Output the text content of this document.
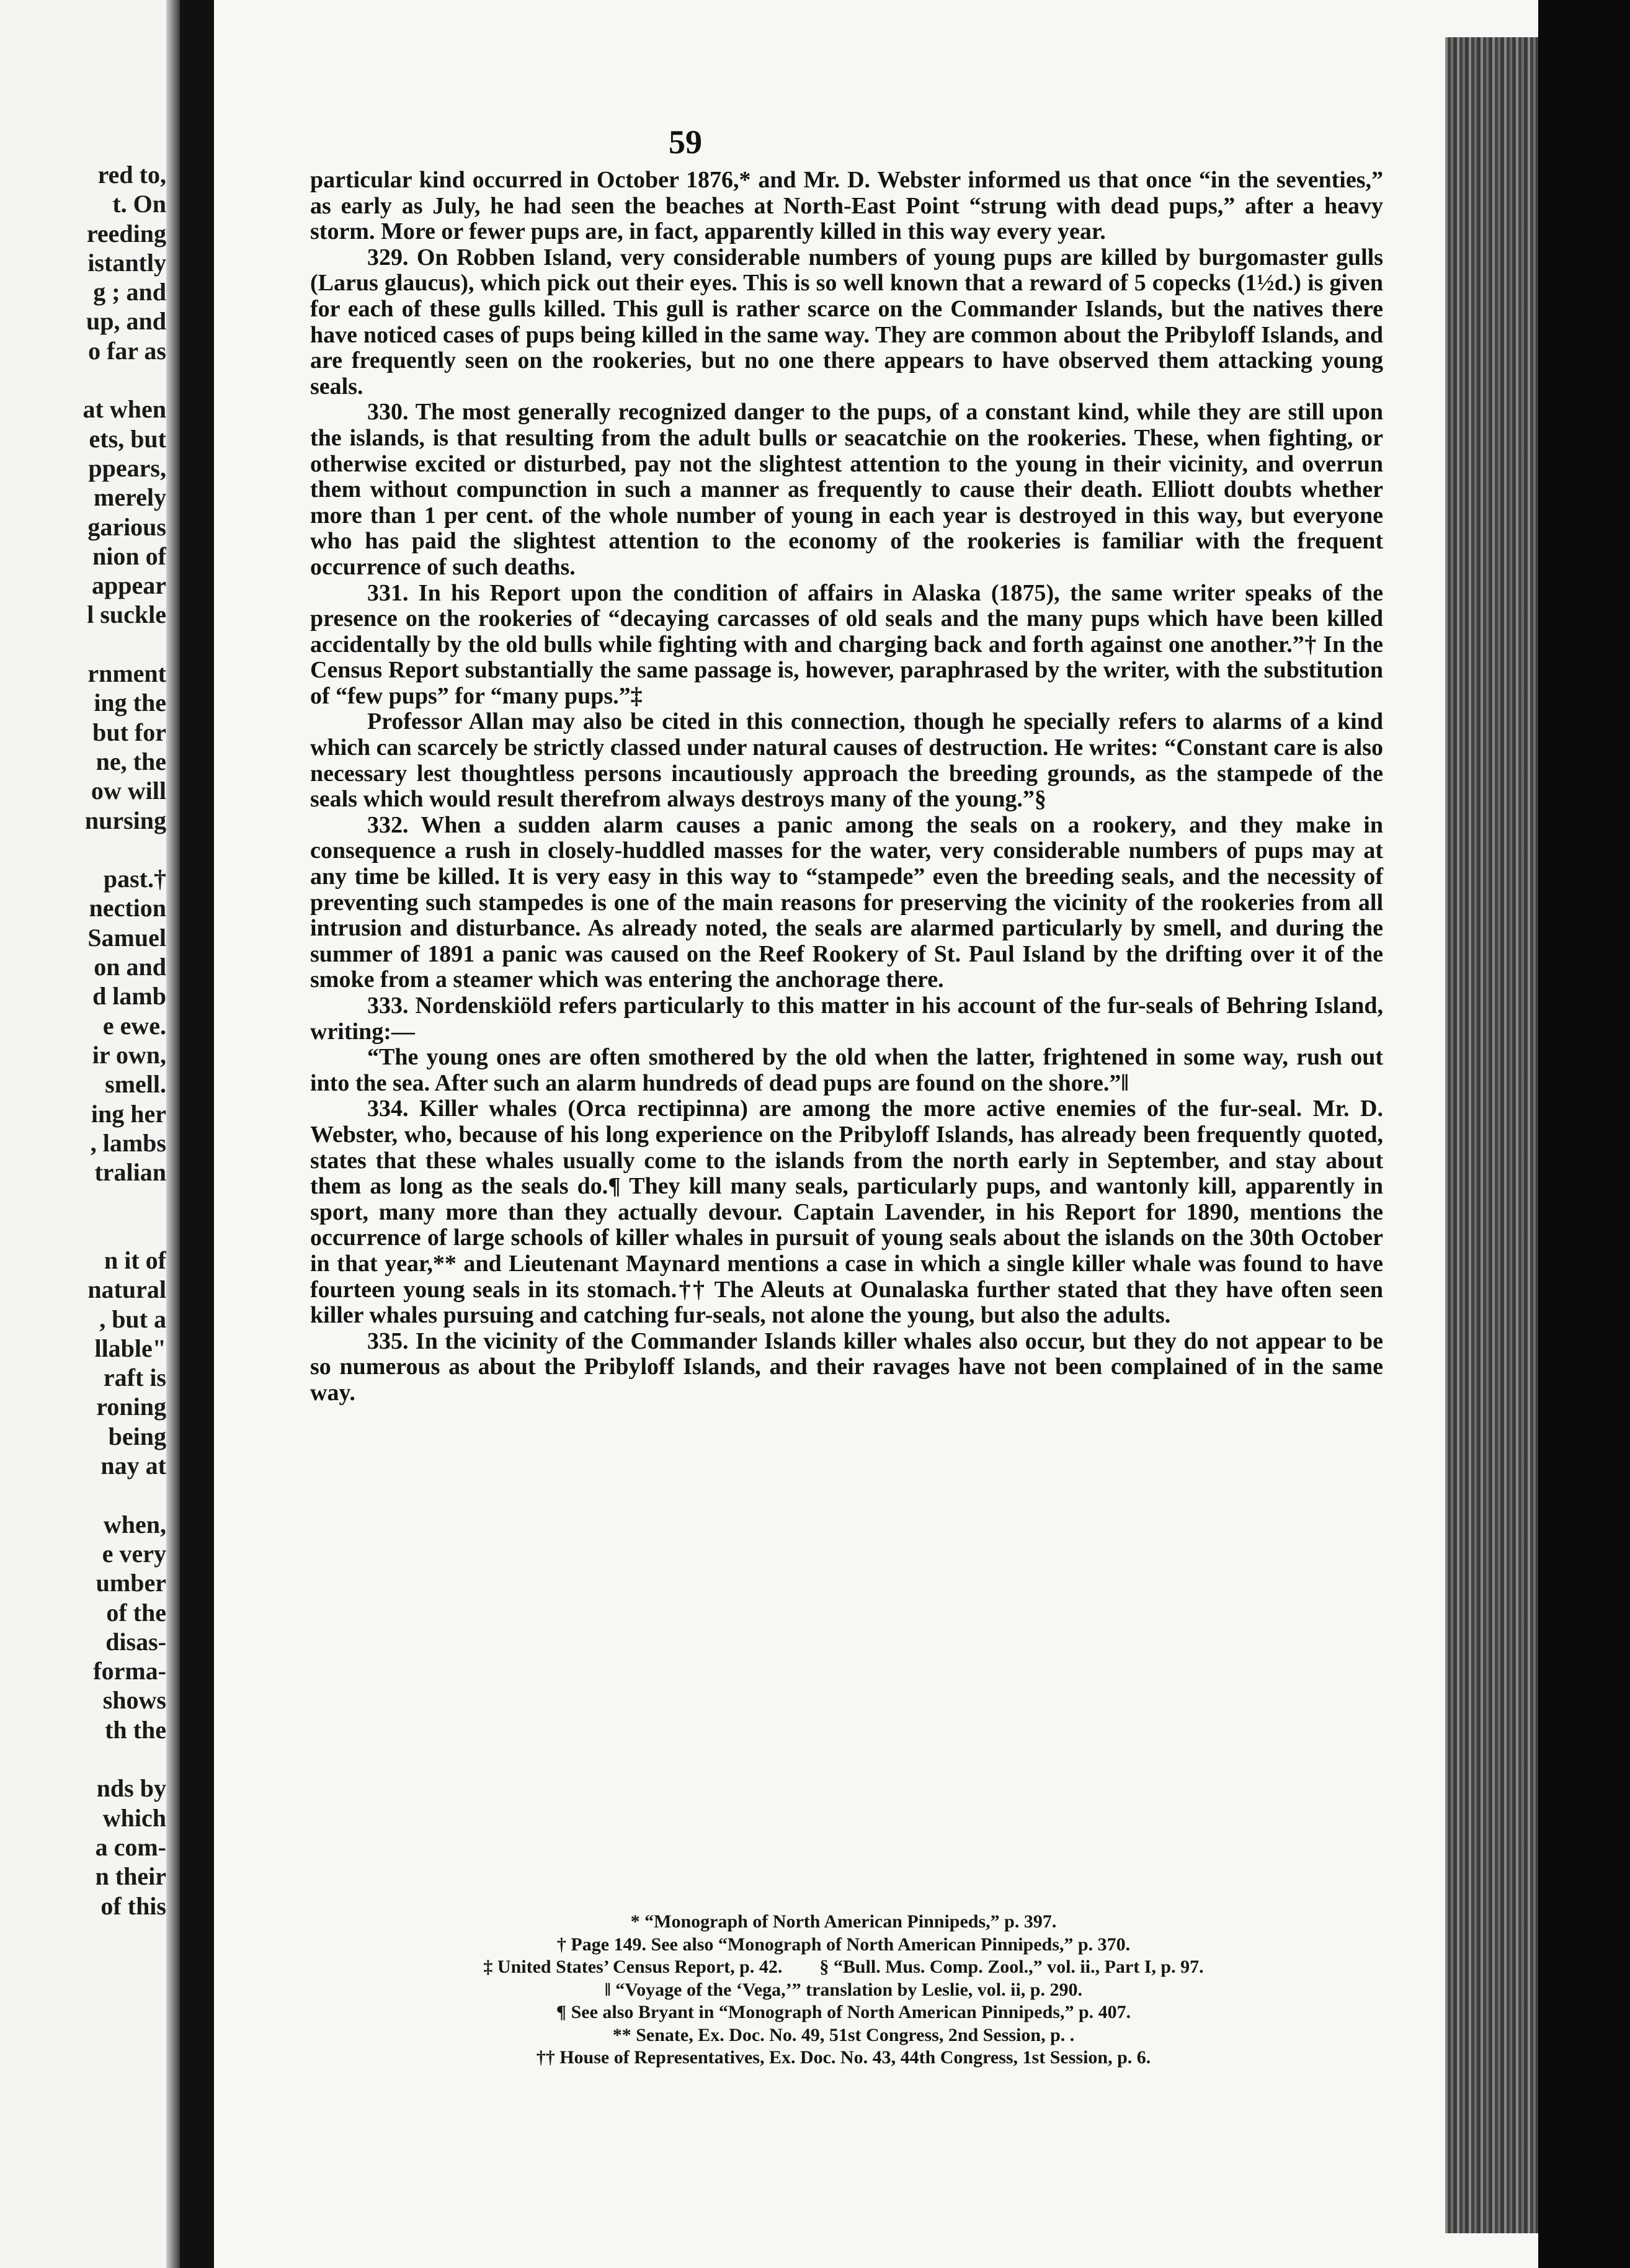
red to,
t. On
reeding
istantly
g ; and
up, and
o far as
at when
ets, but
ppears,
merely
garious
nion of
appear
l suckle
rnment
ing the
but for
ne, the
ow will
nursing
past.†
nection
Samuel
on and
d lamb
e ewe.
ir own,
smell.
ing her
, lambs
tralian
n it of
natural
, but a
llable"
raft is
roning
being
nay at
when,
e very
umber
of the
disas-
forma-
shows
th the
nds by
which
a com-
n their
of this
59

particular kind occurred in October 1876,* and Mr. D. Webster informed us that once “in the seventies,” as early as July, he had seen the beaches at North-East Point “strung with dead pups,” after a heavy storm. More or fewer pups are, in fact, apparently killed in this way every year.

329. On Robben Island, very considerable numbers of young pups are killed by burgomaster gulls (Larus glaucus), which pick out their eyes. This is so well known that a reward of 5 copecks (1½d.) is given for each of these gulls killed. This gull is rather scarce on the Commander Islands, but the natives there have noticed cases of pups being killed in the same way. They are common about the Pribyloff Islands, and are frequently seen on the rookeries, but no one there appears to have observed them attacking young seals.

330. The most generally recognized danger to the pups, of a constant kind, while they are still upon the islands, is that resulting from the adult bulls or seacatchie on the rookeries. These, when fighting, or otherwise excited or disturbed, pay not the slightest attention to the young in their vicinity, and overrun them without compunction in such a manner as frequently to cause their death. Elliott doubts whether more than 1 per cent. of the whole number of young in each year is destroyed in this way, but everyone who has paid the slightest attention to the economy of the rookeries is familiar with the frequent occurrence of such deaths.

331. In his Report upon the condition of affairs in Alaska (1875), the same writer speaks of the presence on the rookeries of “decaying carcasses of old seals and the many pups which have been killed accidentally by the old bulls while fighting with and charging back and forth against one another.”† In the Census Report substantially the same passage is, however, paraphrased by the writer, with the substitution of “few pups” for “many pups.”‡

Professor Allan may also be cited in this connection, though he specially refers to alarms of a kind which can scarcely be strictly classed under natural causes of destruction. He writes: “Constant care is also necessary lest thoughtless persons incautiously approach the breeding grounds, as the stampede of the seals which would result therefrom always destroys many of the young.”§

332. When a sudden alarm causes a panic among the seals on a rookery, and they make in consequence a rush in closely-huddled masses for the water, very considerable numbers of pups may at any time be killed. It is very easy in this way to “stampede” even the breeding seals, and the necessity of preventing such stampedes is one of the main reasons for preserving the vicinity of the rookeries from all intrusion and disturbance. As already noted, the seals are alarmed particularly by smell, and during the summer of 1891 a panic was caused on the Reef Rookery of St. Paul Island by the drifting over it of the smoke from a steamer which was entering the anchorage there.

333. Nordenskiöld refers particularly to this matter in his account of the fur-seals of Behring Island, writing:—

“The young ones are often smothered by the old when the latter, frightened in some way, rush out into the sea. After such an alarm hundreds of dead pups are found on the shore.”‖

334. Killer whales (Orca rectipinna) are among the more active enemies of the fur-seal. Mr. D. Webster, who, because of his long experience on the Pribyloff Islands, has already been frequently quoted, states that these whales usually come to the islands from the north early in September, and stay about them as long as the seals do.¶ They kill many seals, particularly pups, and wantonly kill, apparently in sport, many more than they actually devour. Captain Lavender, in his Report for 1890, mentions the occurrence of large schools of killer whales in pursuit of young seals about the islands on the 30th October in that year,** and Lieutenant Maynard mentions a case in which a single killer whale was found to have fourteen young seals in its stomach.†† The Aleuts at Ounalaska further stated that they have often seen killer whales pursuing and catching fur-seals, not alone the young, but also the adults.

335. In the vicinity of the Commander Islands killer whales also occur, but they do not appear to be so numerous as about the Pribyloff Islands, and their ravages have not been complained of in the same way.

* “Monograph of North American Pinnipeds,” p. 397.
† Page 149. See also “Monograph of North American Pinnipeds,” p. 370.
‡ United States’ Census Report, p. 42. § “Bull. Mus. Comp. Zool.,” vol. ii., Part I, p. 97.
‖ “Voyage of the ‘Vega,’” translation by Leslie, vol. ii, p. 290.
¶ See also Bryant in “Monograph of North American Pinnipeds,” p. 407.
** Senate, Ex. Doc. No. 49, 51st Congress, 2nd Session, p. .
†† House of Representatives, Ex. Doc. No. 43, 44th Congress, 1st Session, p. 6.
